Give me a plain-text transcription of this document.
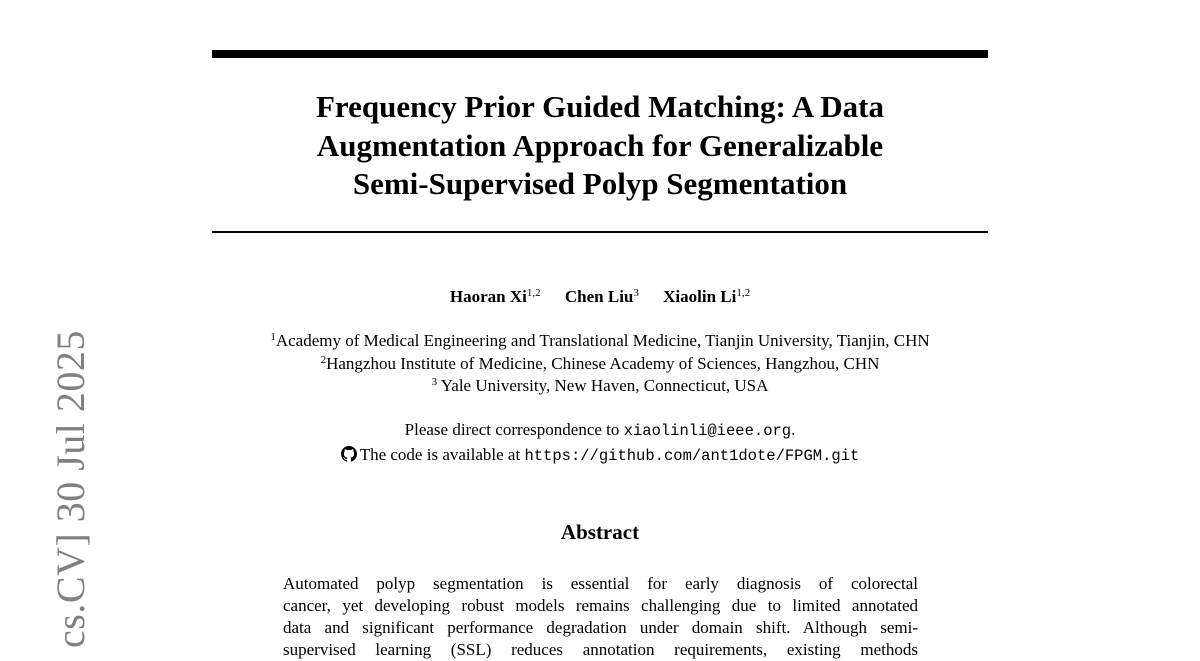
Frequency Prior Guided Matching: A Data
Augmentation Approach for Generalizable
Semi-Supervised Polyp Segmentation
Haoran Xi$^{1,2}$ Chen Liu$^3$ Xiaolin Li$^{1,2}$
$^1$Academy of Medical Engineering and Translational Medicine, Tianjin University, Tianjin, CHN
$^2$Hangzhou Institute of Medicine, Chinese Academy of Sciences, Hangzhou, CHN
$^3$ Yale University, New Haven, Connecticut, USA
Please direct correspondence to xiaolinli@ieee.org.
The code is available at https://github.com/ant1dote/FPGM.git
Abstract

Automated polyp segmentation is essential for early diagnosis of colorectal
cancer, yet developing robust models remains challenging due to limited annotated
data and significant performance degradation under domain shift. Although semi-
supervised learning (SSL) reduces annotation requirements, existing methods

cs.CV] 30 Jul 2025
